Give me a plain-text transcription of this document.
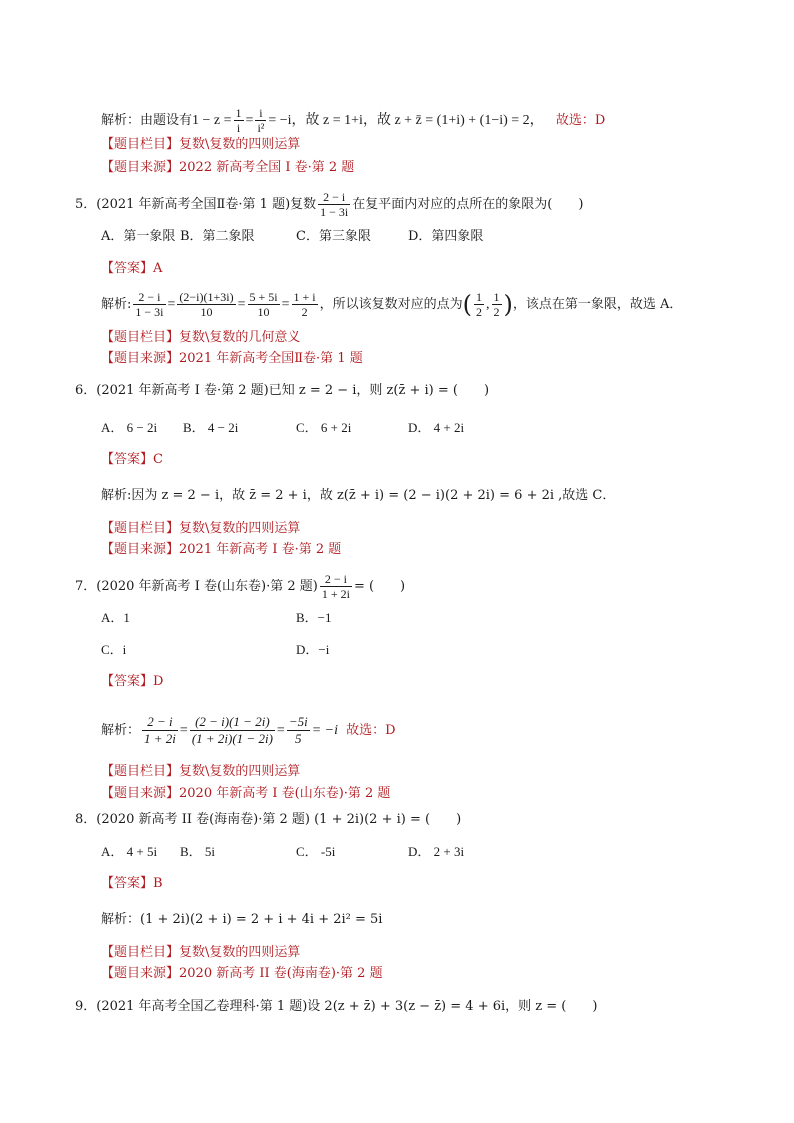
解析：由题设有$1 - z = \frac{1}{i} = \frac{i}{\text{i²}} = -i$，故 z = 1+i，故 z + z̄ = (1+i) + (1−i) = 2， 故选：D
【题目栏目】复数\复数的四则运算
【题目来源】2022 新高考全国 I 卷·第 2 题
5．(2021 年新高考全国Ⅱ卷·第 1 题)复数 $\frac{2 - i}{1 - 3i}$ 在复平面内对应的点所在的象限为(　　)
A．第一象限 B．第二象限	C．第三象限	D．第四象限
【答案】A
解析: $\frac{2 - i}{1 - 3i} = \frac{(2-i)(1+3i)}{10} = \frac{5 + 5i}{10} = \frac{1 + i}{2}$ ，所以该复数对应的点为( $\frac{1}{2}$ , $\frac{1}{2}$ )，该点在第一象限，故选 A．
【题目栏目】复数\复数的几何意义
【题目来源】2021 年新高考全国Ⅱ卷·第 1 题
6．(2021 年新高考 I 卷·第 2 题)已知 z = 2 − i，则 z(z̄ + i) = (　　)
A． 6 − 2i B． 4 − 2i	C． 6 + 2i	D． 4 + 2i
【答案】C
解析:因为 z = 2 − i，故 z̄ = 2 + i，故 z(z̄ + i) = (2 − i)(2 + 2i) = 6 + 2i ,故选 C．
【题目栏目】复数\复数的四则运算
【题目来源】2021 年新高考 I 卷·第 2 题
7．(2020 年新高考 I 卷(山东卷)·第 2 题) $\frac{2 - i}{1 + 2i}$ = (　　)
A．1	B．−1
C．i	D．−i
【答案】D
解析： $\frac{2 - i}{1 + 2i} = \frac{(2 - i)(1 - 2i)}{(1 + 2i)(1 - 2i)} = \frac{-5i}{5} = -i$ 故选：D
【题目栏目】复数\复数的四则运算
【题目来源】2020 年新高考 I 卷(山东卷)·第 2 题
8．(2020 新高考 II 卷(海南卷)·第 2 题) (1 + 2i)(2 + i) = (　　)
A． 4 + 5i B． 5i	C． -5i	D． 2 + 3i
【答案】B
解析：(1 + 2i)(2 + i) = 2 + i + 4i + 2i² = 5i
【题目栏目】复数\复数的四则运算
【题目来源】2020 新高考 II 卷(海南卷)·第 2 题
9．(2021 年高考全国乙卷理科·第 1 题)设 2(z + z̄) + 3(z − z̄) = 4 + 6i，则 z = (　　)
